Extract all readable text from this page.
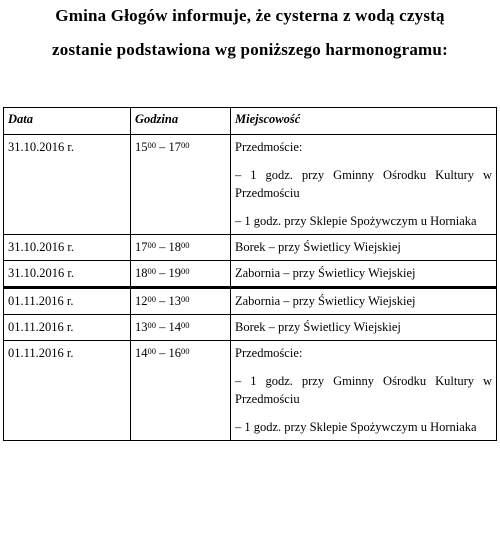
Gmina Głogów informuje, że cysterna z wodą czystą
zostanie podstawiona wg poniższego harmonogramu:
Data	Godzina	Miejscowość
31.10.2016 r.	$15^{00} - 17^{00}$	Przedmoście:
– 1 godz. przy Gminny Ośrodku Kultury w Przedmościu
– 1 godz. przy Sklepie Spożywczym u Horniaka

31.10.2016 r.	$17^{00} - 18^{00}$	Borek – przy Świetlicy Wiejskiej

31.10.2016 r.	$18^{00} - 19^{00}$	Zabornia – przy Świetlicy Wiejskiej

01.11.2016 r.	$12^{00} - 13^{00}$	Zabornia – przy Świetlicy Wiejskiej

01.11.2016 r.	$13^{00} - 14^{00}$	Borek – przy Świetlicy Wiejskiej

01.11.2016 r.	$14^{00} - 16^{00}$	Przedmoście:
– 1 godz. przy Gminny Ośrodku Kultury w Przedmościu
– 1 godz. przy Sklepie Spożywczym u Horniaka
